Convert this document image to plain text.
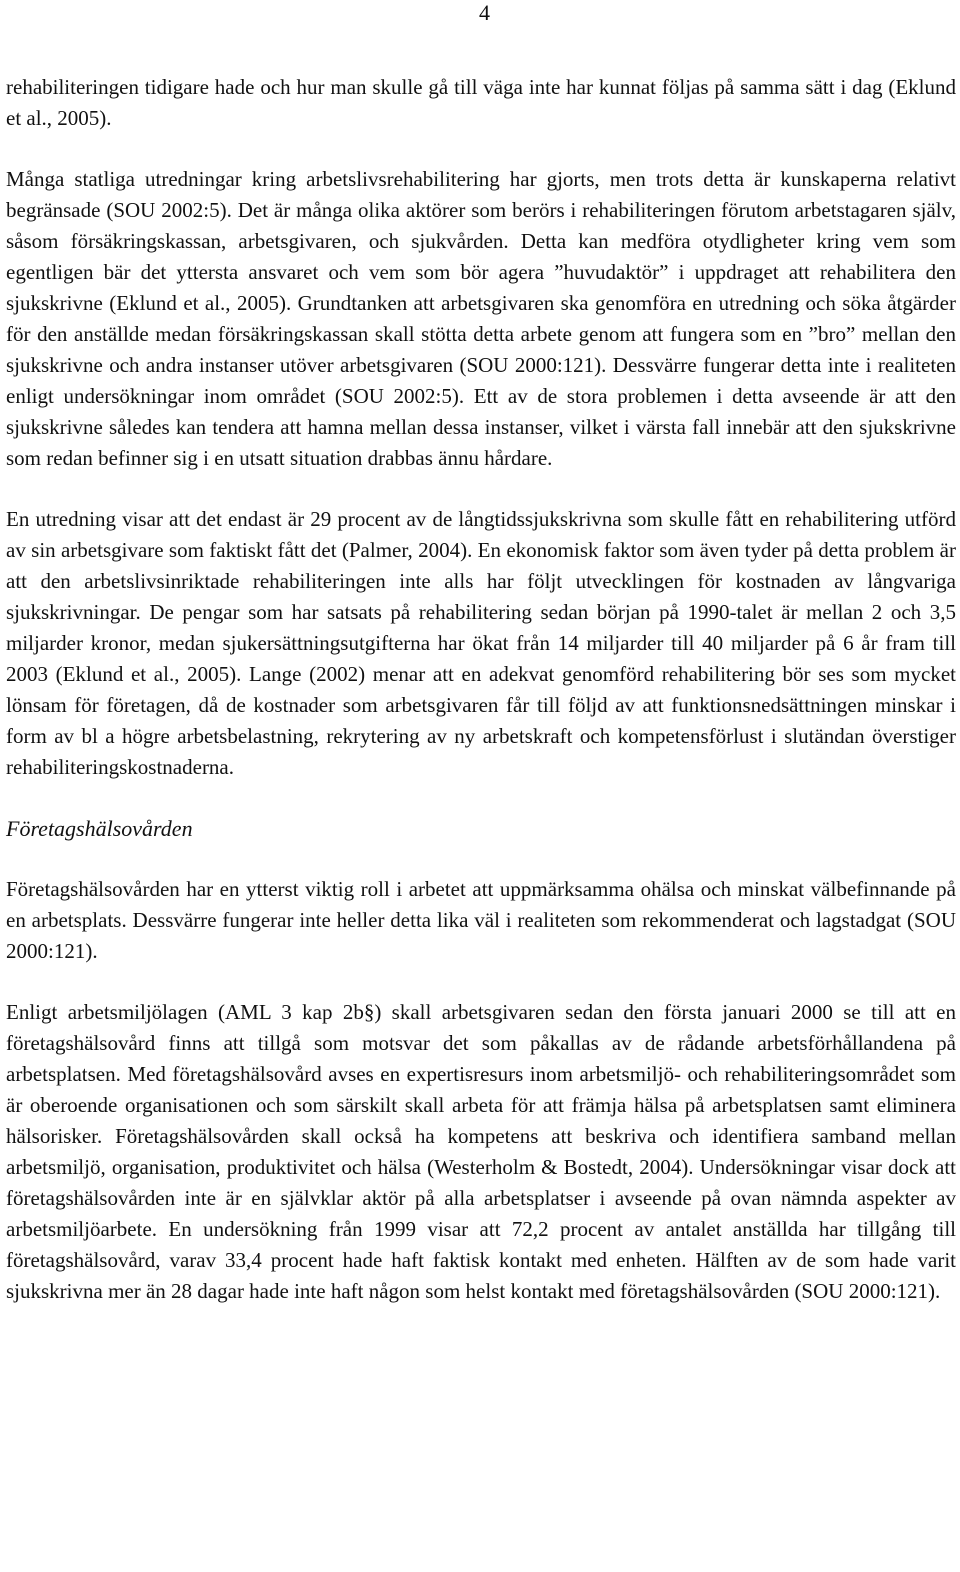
4

rehabiliteringen tidigare hade och hur man skulle gå till väga inte har kunnat följas på samma sätt i dag (Eklund et al., 2005).

Många statliga utredningar kring arbetslivsrehabilitering har gjorts, men trots detta är kunskaperna relativt begränsade (SOU 2002:5). Det är många olika aktörer som berörs i rehabiliteringen förutom arbetstagaren själv, såsom försäkringskassan, arbetsgivaren, och sjukvården. Detta kan medföra otydligheter kring vem som egentligen bär det yttersta ansvaret och vem som bör agera ”huvudaktör” i uppdraget att rehabilitera den sjukskrivne (Eklund et al., 2005). Grundtanken att arbetsgivaren ska genomföra en utredning och söka åtgärder för den anställde medan försäkringskassan skall stötta detta arbete genom att fungera som en ”bro” mellan den sjukskrivne och andra instanser utöver arbetsgivaren (SOU 2000:121). Dessvärre fungerar detta inte i realiteten enligt undersökningar inom området (SOU 2002:5). Ett av de stora problemen i detta avseende är att den sjukskrivne således kan tendera att hamna mellan dessa instanser, vilket i värsta fall innebär att den sjukskrivne som redan befinner sig i en utsatt situation drabbas ännu hårdare.

En utredning visar att det endast är 29 procent av de långtidssjukskrivna som skulle fått en rehabilitering utförd av sin arbetsgivare som faktiskt fått det (Palmer, 2004). En ekonomisk faktor som även tyder på detta problem är att den arbetslivsinriktade rehabiliteringen inte alls har följt utvecklingen för kostnaden av långvariga sjukskrivningar. De pengar som har satsats på rehabilitering sedan början på 1990-talet är mellan 2 och 3,5 miljarder kronor, medan sjukersättningsutgifterna har ökat från 14 miljarder till 40 miljarder på 6 år fram till 2003 (Eklund et al., 2005). Lange (2002) menar att en adekvat genomförd rehabilitering bör ses som mycket lönsam för företagen, då de kostnader som arbetsgivaren får till följd av att funktionsnedsättningen minskar i form av bl a högre arbetsbelastning, rekrytering av ny arbetskraft och kompetensförlust i slutändan överstiger rehabiliteringskostnaderna.

Företagshälsovården

Företagshälsovården har en ytterst viktig roll i arbetet att uppmärksamma ohälsa och minskat välbefinnande på en arbetsplats. Dessvärre fungerar inte heller detta lika väl i realiteten som rekommenderat och lagstadgat (SOU 2000:121).

Enligt arbetsmiljölagen (AML 3 kap 2b§) skall arbetsgivaren sedan den första januari 2000 se till att en företagshälsovård finns att tillgå som motsvar det som påkallas av de rådande arbetsförhållandena på arbetsplatsen. Med företagshälsovård avses en expertisresurs inom arbetsmiljö- och rehabiliteringsområdet som är oberoende organisationen och som särskilt skall arbeta för att främja hälsa på arbetsplatsen samt eliminera hälsorisker. Företagshälsovården skall också ha kompetens att beskriva och identifiera samband mellan arbetsmiljö, organisation, produktivitet och hälsa (Westerholm & Bostedt, 2004). Undersökningar visar dock att företagshälsovården inte är en självklar aktör på alla arbetsplatser i avseende på ovan nämnda aspekter av arbetsmiljöarbete. En undersökning från 1999 visar att 72,2 procent av antalet anställda har tillgång till företagshälsovård, varav 33,4 procent hade haft faktisk kontakt med enheten. Hälften av de som hade varit sjukskrivna mer än 28 dagar hade inte haft någon som helst kontakt med företagshälsovården (SOU 2000:121).
